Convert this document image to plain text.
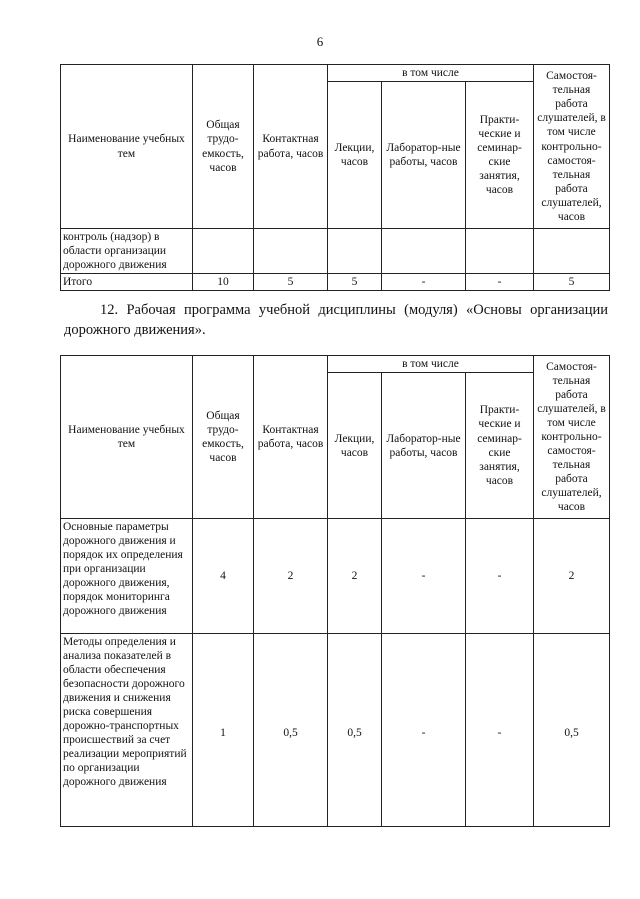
6
Наименование учебных тем	Общая трудо-емкость, часов	Контактная работа, часов	в том числе			Самостоя-тельная работа слушателей, в том числе контрольно-самостоя-тельная работа слушателей, часов
			Лекции, часов	Лаборатор-ные работы, часов	Практи-ческие и семинар-ские занятия, часов	
контроль (надзор) в области организации дорожного движения						
Итого	10	5	5	-	-	5

12. Рабочая программа учебной дисциплины (модуля) «Основы организации дорожного движения».

Наименование учебных тем	Общая трудо-емкость, часов	Контактная работа, часов	в том числе			Самостоя-тельная работа слушателей, в том числе контрольно-самостоя-тельная работа слушателей, часов
			Лекции, часов	Лаборатор-ные работы, часов	Практи-ческие и семинар-ские занятия, часов	
Основные параметры дорожного движения и порядок их определения при организации дорожного движения, порядок мониторинга дорожного движения	4	2	2	-	-	2
Методы определения и анализа показателей в области обеспечения безопасности дорожного движения и снижения риска совершения дорожно-транспортных происшествий за счет реализации мероприятий по организации дорожного движения	1	0,5	0,5	-	-	0,5
